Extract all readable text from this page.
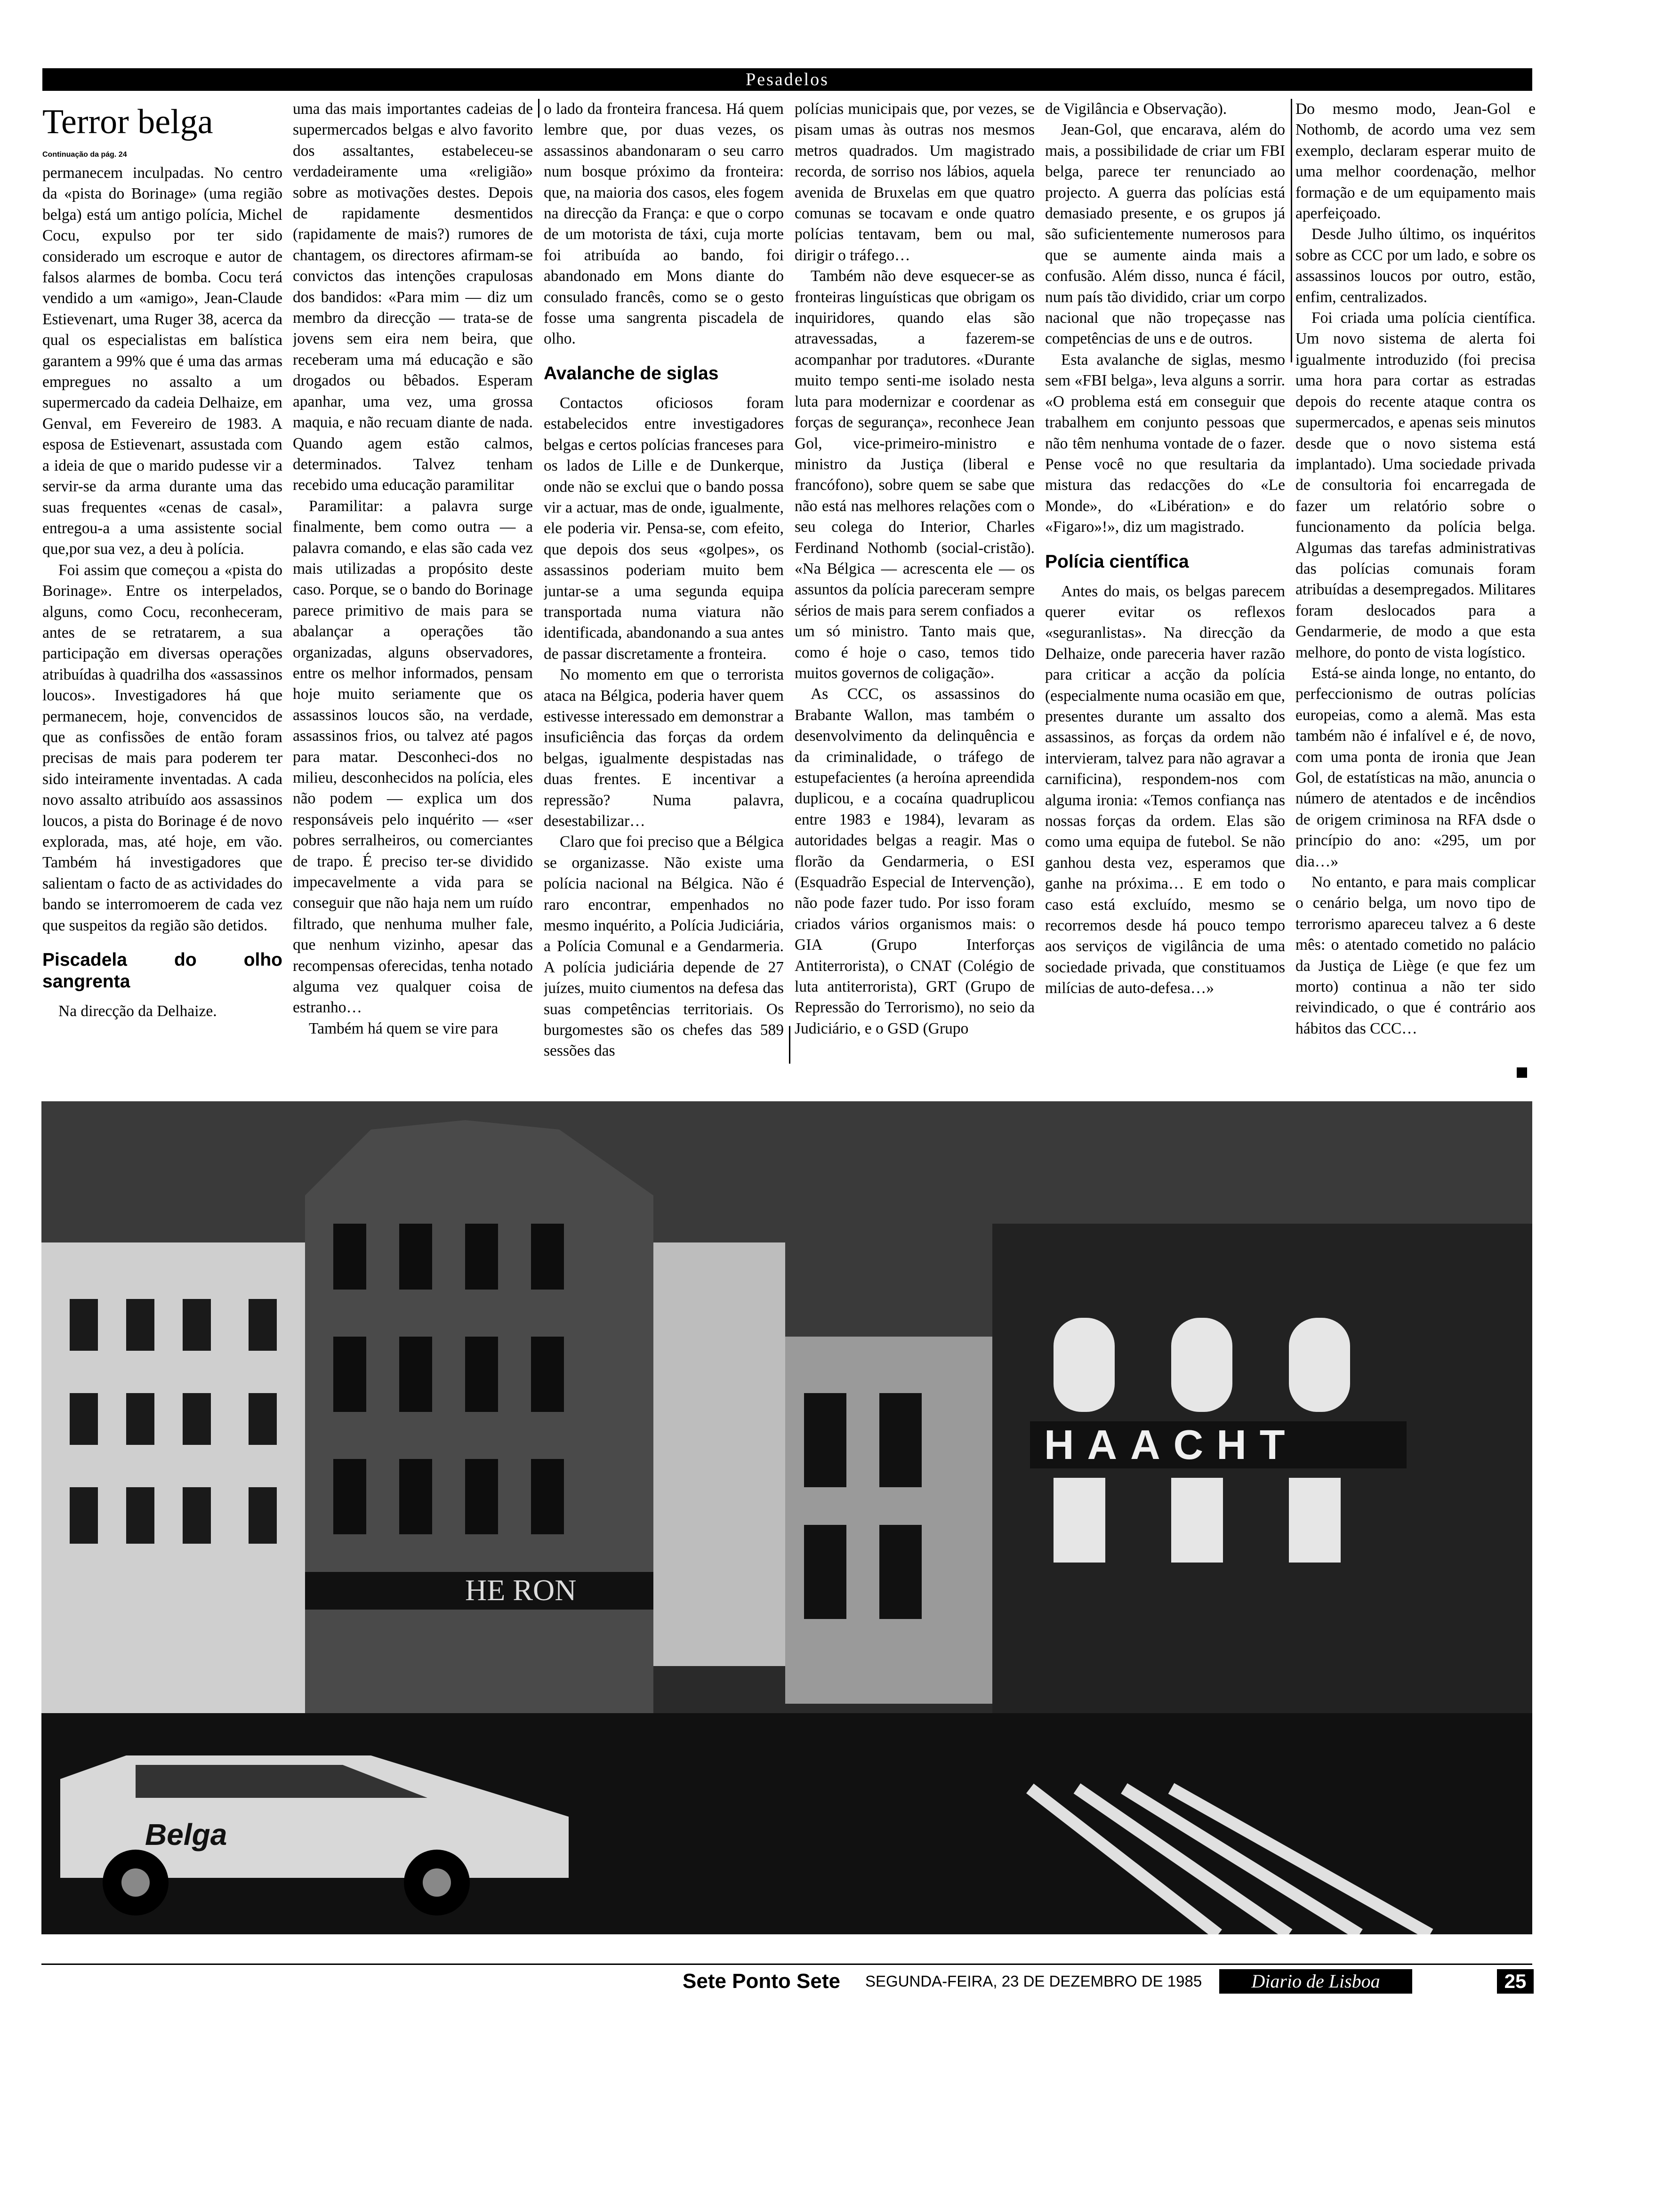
Pesadelos
Terror belga
Continuação da pág. 24

permanecem inculpadas. No centro da «pista do Borinage» (uma região belga) está um antigo polícia, Michel Cocu, expulso por ter sido considerado um escroque e autor de falsos alarmes de bomba. Cocu terá vendido a um «amigo», Jean-Claude Estievenart, uma Ruger 38, acerca da qual os especialistas em balística garantem a 99% que é uma das armas empregues no assalto a um supermercado da cadeia Delhaize, em Genval, em Fevereiro de 1983. A esposa de Estievenart, assustada com a ideia de que o marido pudesse vir a servir-se da arma durante uma das suas frequentes «cenas de casal», entregou-a a uma assistente social que,por sua vez, a deu à polícia.

Foi assim que começou a «pista do Borinage». Entre os interpelados, alguns, como Cocu, reconheceram, antes de se retratarem, a sua participação em diversas operações atribuídas à quadrilha dos «assassinos loucos». Investigadores há que permanecem, hoje, convencidos de que as confissões de então foram precisas de mais para poderem ter sido inteiramente inventadas. A cada novo assalto atribuído aos assassinos loucos, a pista do Borinage é de novo explorada, mas, até hoje, em vão. Também há investigadores que salientam o facto de as actividades do bando se interromoerem de cada vez que suspeitos da região são detidos.

Piscadela do olho sangrenta

Na direcção da Delhaize.

uma das mais importantes cadeias de supermercados belgas e alvo favorito dos assaltantes, estabeleceu-se verdadeiramente uma «religião» sobre as motivações destes. Depois de rapidamente desmentidos (rapidamente de mais?) rumores de chantagem, os directores afirmam-se convictos das intenções crapulosas dos bandidos: «Para mim — diz um membro da direcção — trata-se de jovens sem eira nem beira, que receberam uma má educação e são drogados ou bêbados. Esperam apanhar, uma vez, uma grossa maquia, e não recuam diante de nada. Quando agem estão calmos, determinados. Talvez tenham recebido uma educação paramilitar

Paramilitar: a palavra surge finalmente, bem como outra — a palavra comando, e elas são cada vez mais utilizadas a propósito deste caso. Porque, se o bando do Borinage parece primitivo de mais para se abalançar a operações tão organizadas, alguns observadores, entre os melhor informados, pensam hoje muito seriamente que os assassinos loucos são, na verdade, assassinos frios, ou talvez até pagos para matar. Desconheci-dos no milieu, desconhecidos na polícia, eles não podem — explica um dos responsáveis pelo inquérito — «ser pobres serralheiros, ou comerciantes de trapo. É preciso ter-se dividido impecavelmente a vida para se conseguir que não haja nem um ruído filtrado, que nenhuma mulher fale, que nenhum vizinho, apesar das recompensas oferecidas, tenha notado alguma vez qualquer coisa de estranho…

Também há quem se vire para

o lado da fronteira francesa. Há quem lembre que, por duas vezes, os assassinos abandonaram o seu carro num bosque próximo da fronteira: que, na maioria dos casos, eles fogem na direcção da França: e que o corpo de um motorista de táxi, cuja morte foi atribuída ao bando, foi abandonado em Mons diante do consulado francês, como se o gesto fosse uma sangrenta piscadela de olho.

Avalanche de siglas

Contactos oficiosos foram estabelecidos entre investigadores belgas e certos polícias franceses para os lados de Lille e de Dunkerque, onde não se exclui que o bando possa vir a actuar, mas de onde, igualmente, ele poderia vir. Pensa-se, com efeito, que depois dos seus «golpes», os assassinos poderiam muito bem juntar-se a uma segunda equipa transportada numa viatura não identificada, abandonando a sua antes de passar discretamente a fronteira.

No momento em que o terrorista ataca na Bélgica, poderia haver quem estivesse interessado em demonstrar a insuficiência das forças da ordem belgas, igualmente despistadas nas duas frentes. E incentivar a repressão? Numa palavra, desestabilizar…

Claro que foi preciso que a Bélgica se organizasse. Não existe uma polícia nacional na Bélgica. Não é raro encontrar, empenhados no mesmo inquérito, a Polícia Judiciária, a Polícia Comunal e a Gendarmeria. A polícia judiciária depende de 27 juízes, muito ciumentos na defesa das suas competências territoriais. Os burgomestes são os chefes das 589 sessões das

polícias municipais que, por vezes, se pisam umas às outras nos mesmos metros quadrados. Um magistrado recorda, de sorriso nos lábios, aquela avenida de Bruxelas em que quatro comunas se tocavam e onde quatro polícias tentavam, bem ou mal, dirigir o tráfego…

Também não deve esquecer-se as fronteiras linguísticas que obrigam os inquiridores, quando elas são atravessadas, a fazerem-se acompanhar por tradutores. «Durante muito tempo senti-me isolado nesta luta para modernizar e coordenar as forças de segurança», reconhece Jean Gol, vice-primeiro-ministro e ministro da Justiça (liberal e francófono), sobre quem se sabe que não está nas melhores relações com o seu colega do Interior, Charles Ferdinand Nothomb (social-cristão). «Na Bélgica — acrescenta ele — os assuntos da polícia pareceram sempre sérios de mais para serem confiados a um só ministro. Tanto mais que, como é hoje o caso, temos tido muitos governos de coligação».

As CCC, os assassinos do Brabante Wallon, mas também o desenvolvimento da delinquência e da criminalidade, o tráfego de estupefacientes (a heroína apreendida duplicou, e a cocaína quadruplicou entre 1983 e 1984), levaram as autoridades belgas a reagir. Mas o florão da Gendarmeria, o ESI (Esquadrão Especial de Intervenção), não pode fazer tudo. Por isso foram criados vários organismos mais: o GIA (Grupo Interforças Antiterrorista), o CNAT (Colégio de luta antiterrorista), GRT (Grupo de Repressão do Terrorismo), no seio da Judiciário, e o GSD (Grupo

de Vigilância e Observação).

Jean-Gol, que encarava, além do mais, a possibilidade de criar um FBI belga, parece ter renunciado ao projecto. A guerra das polícias está demasiado presente, e os grupos já são suficientemente numerosos para que se aumente ainda mais a confusão. Além disso, nunca é fácil, num país tão dividido, criar um corpo nacional que não tropeçasse nas competências de uns e de outros.

Esta avalanche de siglas, mesmo sem «FBI belga», leva alguns a sorrir. «O problema está em conseguir que trabalhem em conjunto pessoas que não têm nenhuma vontade de o fazer. Pense você no que resultaria da mistura das redacções do «Le Monde», do «Libération» e do «Figaro»!», diz um magistrado.

Polícia científica

Antes do mais, os belgas parecem querer evitar os reflexos «seguranlistas». Na direcção da Delhaize, onde pareceria haver razão para criticar a acção da polícia (especialmente numa ocasião em que, presentes durante um assalto dos assassinos, as forças da ordem não intervieram, talvez para não agravar a carnificina), respondem-nos com alguma ironia: «Temos confiança nas nossas forças da ordem. Elas são como uma equipa de futebol. Se não ganhou desta vez, esperamos que ganhe na próxima… E em todo o caso está excluído, mesmo se recorremos desde há pouco tempo aos serviços de vigilância de uma sociedade privada, que constituamos milícias de auto-defesa…»

Do mesmo modo, Jean-Gol e Nothomb, de acordo uma vez sem exemplo, declaram esperar muito de uma melhor coordenação, melhor formação e de um equipamento mais aperfeiçoado.

Desde Julho último, os inquéritos sobre as CCC por um lado, e sobre os assassinos loucos por outro, estão, enfim, centralizados.

Foi criada uma polícia científica. Um novo sistema de alerta foi igualmente introduzido (foi precisa uma hora para cortar as estradas depois do recente ataque contra os supermercados, e apenas seis minutos desde que o novo sistema está implantado). Uma sociedade privada de consultoria foi encarregada de fazer um relatório sobre o funcionamento da polícia belga. Algumas das tarefas administrativas das polícias comunais foram atribuídas a desempregados. Militares foram deslocados para a Gendarmerie, de modo a que esta melhore, do ponto de vista logístico.

Está-se ainda longe, no entanto, do perfeccionismo de outras polícias europeias, como a alemã. Mas esta também não é infalível e é, de novo, com uma ponta de ironia que Jean Gol, de estatísticas na mão, anuncia o número de atentados e de incêndios de origem criminosa na RFA dsde o princípio do ano: «295, um por dia…»

No entanto, e para mais complicar o cenário belga, um novo tipo de terrorismo apareceu talvez a 6 deste mês: o atentado cometido no palácio da Justiça de Liège (e que fez um morto) continua a não ter sido reivindicado, o que é contrário aos hábitos das CCC…

HE RON
HAACHT
Belga
Sete Ponto Sete SEGUNDA-FEIRA, 23 DE DEZEMBRO DE 1985	Diario de Lisboa	25
